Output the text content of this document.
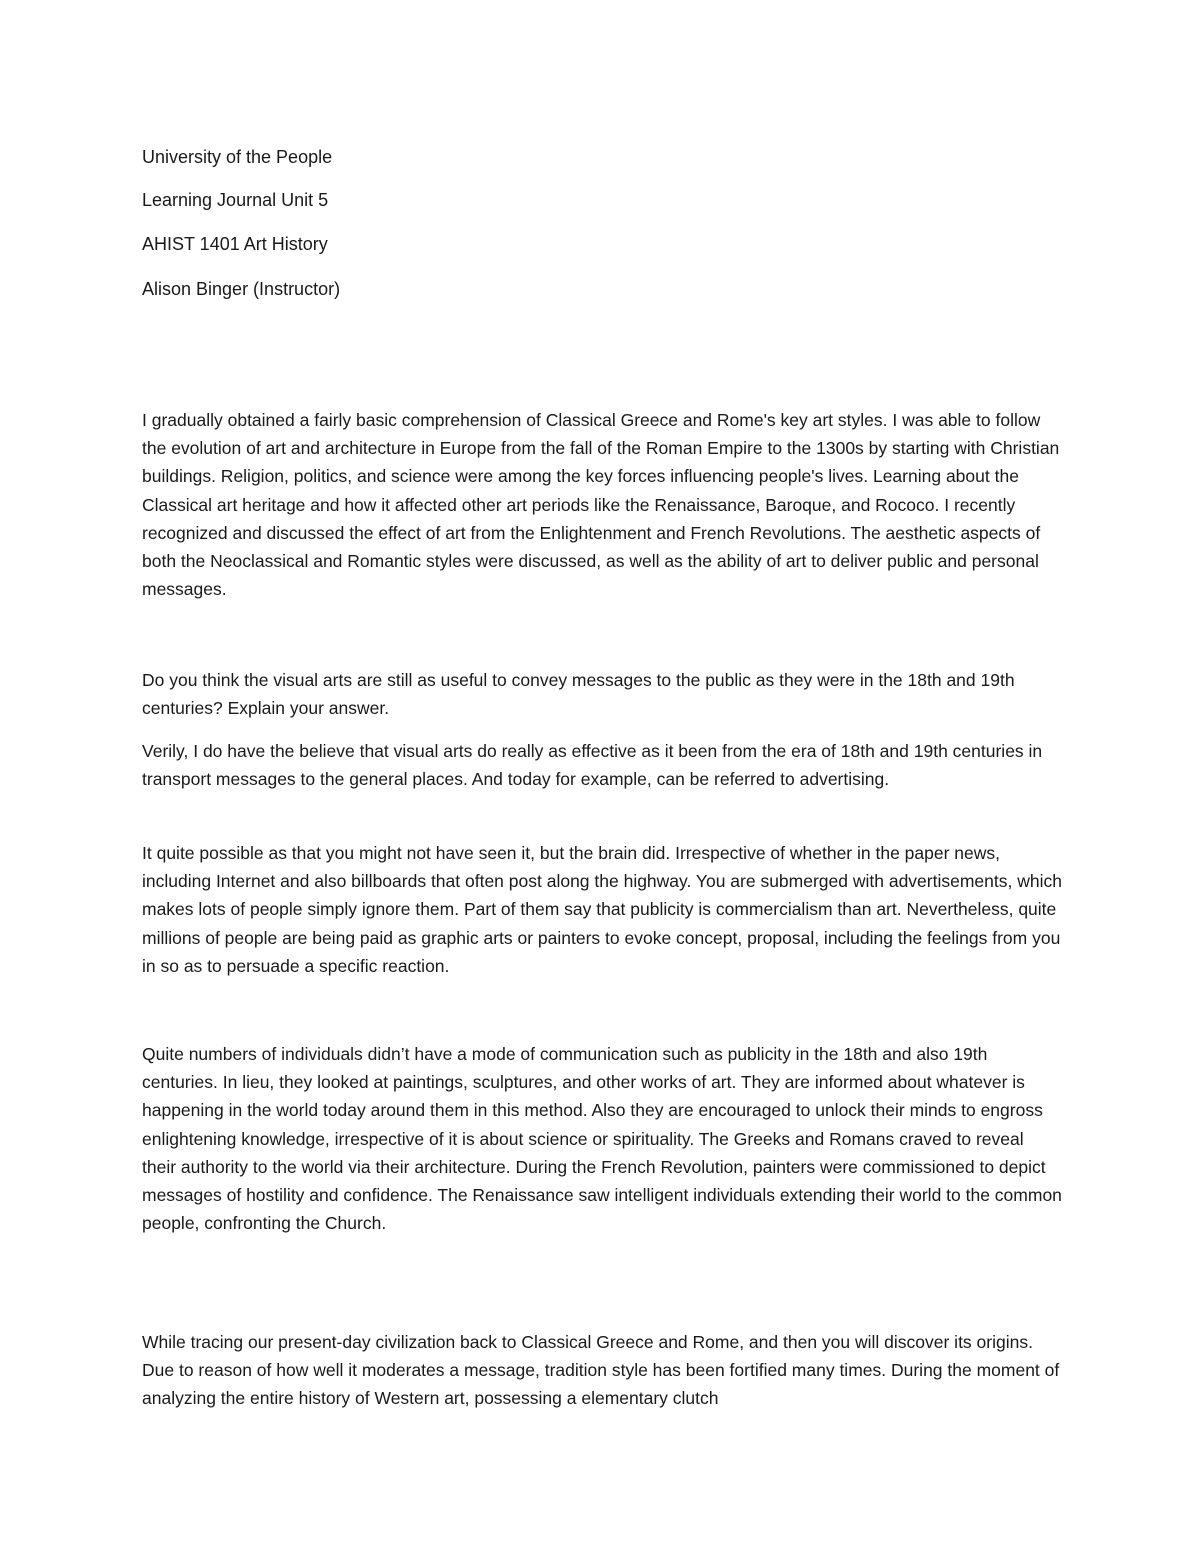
University of the People

Learning Journal Unit 5

AHIST 1401 Art History

Alison Binger (Instructor)

I gradually obtained a fairly basic comprehension of Classical Greece and Rome's key art styles. I was able to follow the evolution of art and architecture in Europe from the fall of the Roman Empire to the 1300s by starting with Christian buildings. Religion, politics, and science were among the key forces influencing people's lives. Learning about the Classical art heritage and how it affected other art periods like the Renaissance, Baroque, and Rococo. I recently recognized and discussed the effect of art from the Enlightenment and French Revolutions. The aesthetic aspects of both the Neoclassical and Romantic styles were discussed, as well as the ability of art to deliver public and personal messages.

Do you think the visual arts are still as useful to convey messages to the public as they were in the 18th and 19th centuries? Explain your answer.

Verily, I do have the believe that visual arts do really as effective as it been from the era of 18th and 19th centuries in transport messages to the general places. And today for example, can be referred to advertising.

It quite possible as that you might not have seen it, but the brain did. Irrespective of whether in the paper news, including Internet and also billboards that often post along the highway. You are submerged with advertisements, which makes lots of people simply ignore them. Part of them say that publicity is commercialism than art. Nevertheless, quite millions of people are being paid as graphic arts or painters to evoke concept, proposal, including the feelings from you in so as to persuade a specific reaction.

Quite numbers of individuals didn’t have a mode of communication such as publicity in the 18th and also 19th centuries. In lieu, they looked at paintings, sculptures, and other works of art. They are informed about whatever is happening in the world today around them in this method. Also they are encouraged to unlock their minds to engross enlightening knowledge, irrespective of it is about science or spirituality. The Greeks and Romans craved to reveal their authority to the world via their architecture. During the French Revolution, painters were commissioned to depict messages of hostility and confidence. The Renaissance saw intelligent individuals extending their world to the common people, confronting the Church.

While tracing our present-day civilization back to Classical Greece and Rome, and then you will discover its origins. Due to reason of how well it moderates a message, tradition style has been fortified many times. During the moment of analyzing the entire history of Western art, possessing a elementary clutch
